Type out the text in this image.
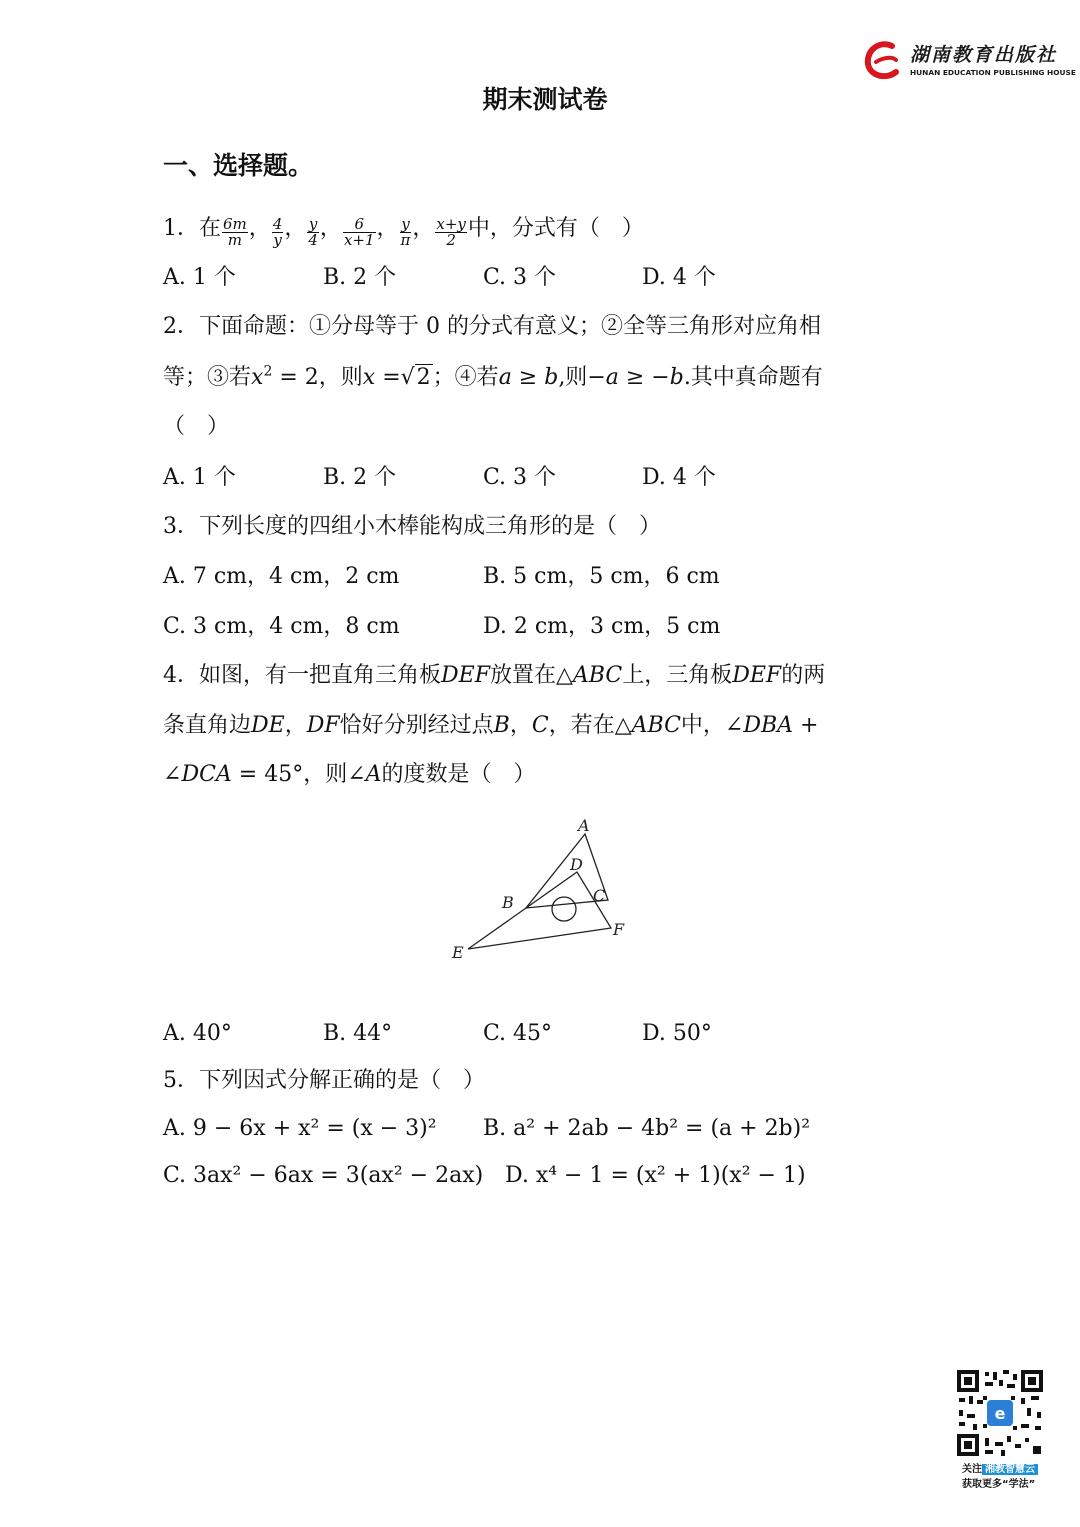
湖南教育出版社
HUNAN EDUCATION PUBLISHING HOUSE
期末测试卷
一、选择题。
1．在 $\frac{6m}{m}$ ， $\frac{4}{y}$ ， $\frac{y}{4}$ ， $\frac{6}{x+1}$ ， $\frac{y}{\pi}$ ， $\frac{x+y}{2}$ 中，分式有（　）
A. 1 个	B. 2 个	C. 3 个	D. 4 个
2．下面命题：①分母等于 0 的分式有意义；②全等三角形对应角相
等；③若$x^2 = 2$，则x =√2；④若a ≥ b,则−a ≥ −b.其中真命题有
（　）
A. 1 个	B. 2 个	C. 3 个	D. 4 个
3．下列长度的四组小木棒能构成三角形的是（　）
A. 7 cm，4 cm，2 cm	B. 5 cm，5 cm，6 cm
C. 3 cm，4 cm，8 cm	D. 2 cm，3 cm，5 cm
4．如图，有一把直角三角板DEF放置在△ABC上，三角板DEF的两
条直角边DE，DF恰好分别经过点B，C，若在△ABC中，∠DBA +
∠DCA = 45°，则∠A的度数是（　）
A
D
B	C
F
E
A. 40°	B. 44°	C. 45°	D. 50°
5．下列因式分解正确的是（　）
A. 9 − 6x + x² = (x − 3)² B. a² + 2ab − 4b² = (a + 2b)²
C. 3ax² − 6ax = 3(ax² − 2ax) D. x⁴ − 1 = (x² + 1)(x² − 1)
e
关注 湘教智慧云
获取更多“学法”
